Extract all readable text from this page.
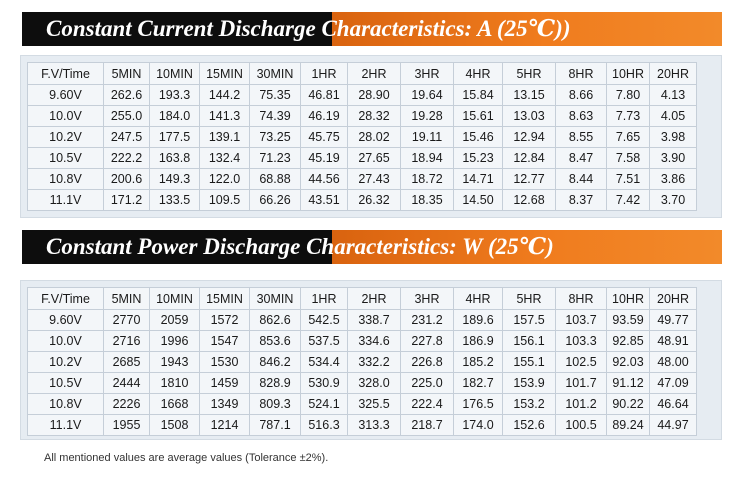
Constant Current Discharge Characteristics: A (25℃))
F.V/Time	5MIN	10MIN	15MIN	30MIN	1HR	2HR	3HR	4HR	5HR	8HR	10HR	20HR
9.60V	262.6	193.3	144.2	75.35	46.81	28.90	19.64	15.84	13.15	8.66	7.80	4.13
10.0V	255.0	184.0	141.3	74.39	46.19	28.32	19.28	15.61	13.03	8.63	7.73	4.05
10.2V	247.5	177.5	139.1	73.25	45.75	28.02	19.11	15.46	12.94	8.55	7.65	3.98
10.5V	222.2	163.8	132.4	71.23	45.19	27.65	18.94	15.23	12.84	8.47	7.58	3.90
10.8V	200.6	149.3	122.0	68.88	44.56	27.43	18.72	14.71	12.77	8.44	7.51	3.86
11.1V	171.2	133.5	109.5	66.26	43.51	26.32	18.35	14.50	12.68	8.37	7.42	3.70
Constant Power Discharge Characteristics: W (25℃)
F.V/Time	5MIN	10MIN	15MIN	30MIN	1HR	2HR	3HR	4HR	5HR	8HR	10HR	20HR
9.60V	2770	2059	1572	862.6	542.5	338.7	231.2	189.6	157.5	103.7	93.59	49.77
10.0V	2716	1996	1547	853.6	537.5	334.6	227.8	186.9	156.1	103.3	92.85	48.91
10.2V	2685	1943	1530	846.2	534.4	332.2	226.8	185.2	155.1	102.5	92.03	48.00
10.5V	2444	1810	1459	828.9	530.9	328.0	225.0	182.7	153.9	101.7	91.12	47.09
10.8V	2226	1668	1349	809.3	524.1	325.5	222.4	176.5	153.2	101.2	90.22	46.64
11.1V	1955	1508	1214	787.1	516.3	313.3	218.7	174.0	152.6	100.5	89.24	44.97
All mentioned values are average values (Tolerance ±2%).
